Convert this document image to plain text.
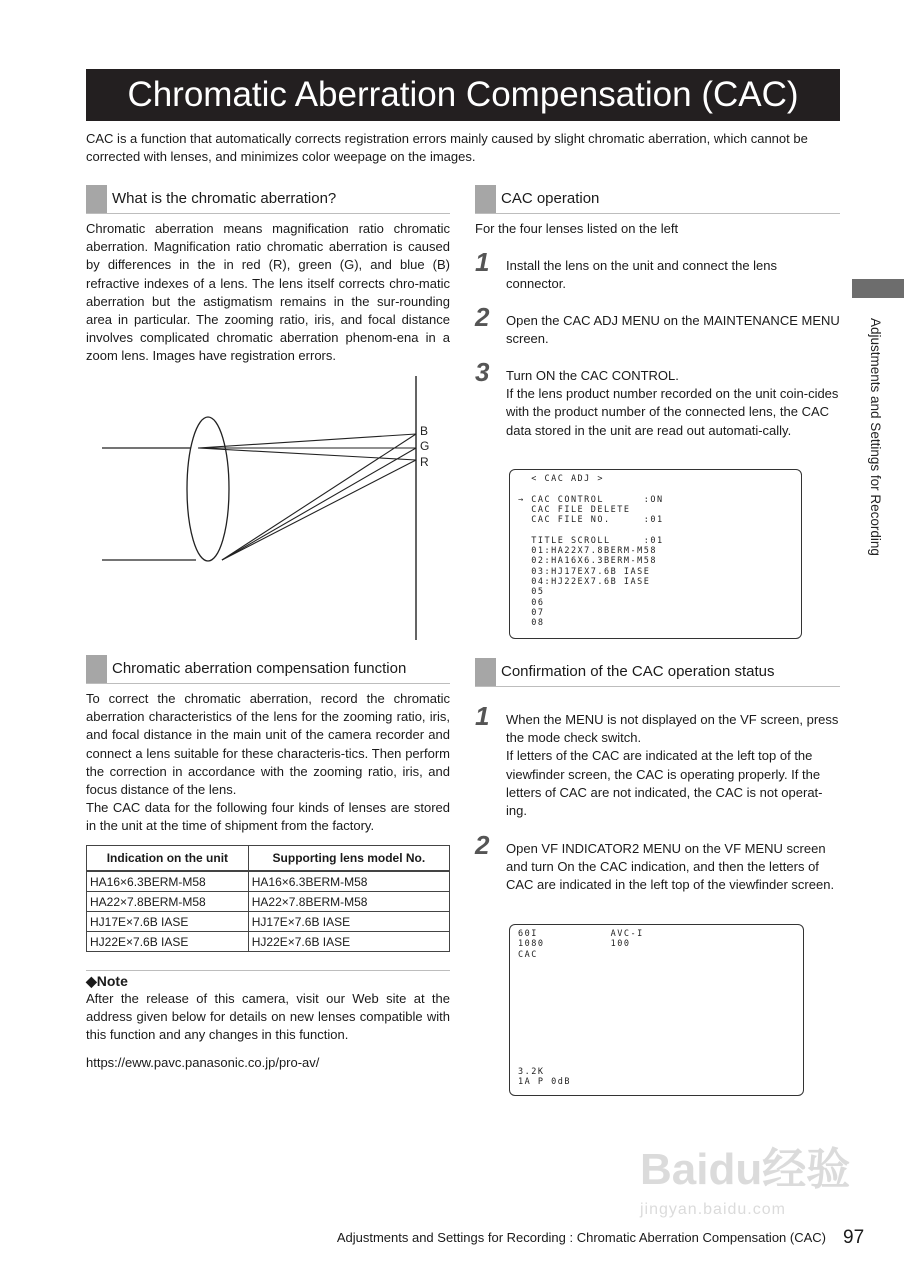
Chromatic Aberration Compensation (CAC)
CAC is a function that automatically corrects registration errors mainly caused by slight chromatic aberration, which cannot be corrected with lenses, and minimizes color weepage on the images.
What is the chromatic aberration?
Chromatic aberration means magnification ratio chromatic aberration. Magnification ratio chromatic aberration is caused by differences in the in red (R), green (G), and blue (B) refractive indexes of a lens. The lens itself corrects chro-matic aberration but the astigmatism remains in the sur-rounding area in particular. The zooming ratio, iris, and focal distance involves complicated chromatic aberration phenom-ena in a zoom lens. Images have registration errors.
B
G
R
Chromatic aberration compensation function

To correct the chromatic aberration, record the chromatic aberration characteristics of the lens for the zooming ratio, iris, and focal distance in the main unit of the camera recorder and connect a lens suitable for these characteris-tics. Then perform the correction in accordance with the zooming ratio, iris, and focus distance of the lens.

The CAC data for the following four kinds of lenses are stored in the unit at the time of shipment from the factory.

Indication on the unit	Supporting lens model No.
HA16×6.3BERM-M58	HA16×6.3BERM-M58
HA22×7.8BERM-M58	HA22×7.8BERM-M58
HJ17E×7.6B IASE	HJ17E×7.6B IASE
HJ22E×7.6B IASE	HJ22E×7.6B IASE
◆Note
After the release of this camera, visit our Web site at the address given below for details on new lenses compatible with this function and any changes in this function.
https://eww.pavc.panasonic.co.jp/pro-av/
CAC operation
For the four lenses listed on the left
1 Install the lens on the unit and connect the lens connector.
2 Open the CAC ADJ MENU on the MAINTENANCE MENU screen.
3 Turn ON the CAC CONTROL.
If the lens product number recorded on the unit coin-cides with the product number of the connected lens, the CAC data stored in the unit are read out automati-cally.
< CAC ADJ >

→ CAC CONTROL      :ON
CAC FILE DELETE
CAC FILE NO.     :01

TITLE SCROLL     :01
01:HA22X7.8BERM-M58
02:HA16X6.3BERM-M58
03:HJ17EX7.6B IASE
04:HJ22EX7.6B IASE
05
06
07
08
Confirmation of the CAC operation status
1 When the MENU is not displayed on the VF screen, press the mode check switch.
If letters of the CAC are indicated at the left top of the viewfinder screen, the CAC is operating properly. If the letters of CAC are not indicated, the CAC is not operat-ing.
2 Open VF INDICATOR2 MENU on the VF MENU screen and turn On the CAC indication, and then the letters of CAC are indicated in the left top of the viewfinder screen.
60I           AVC-I
1080          100
CAC
3.2K
1A P 0dB
Adjustments and Settings for Recording
Baidu经验
jingyan.baidu.com
Adjustments and Settings for Recording : Chromatic Aberration Compensation (CAC) 97
